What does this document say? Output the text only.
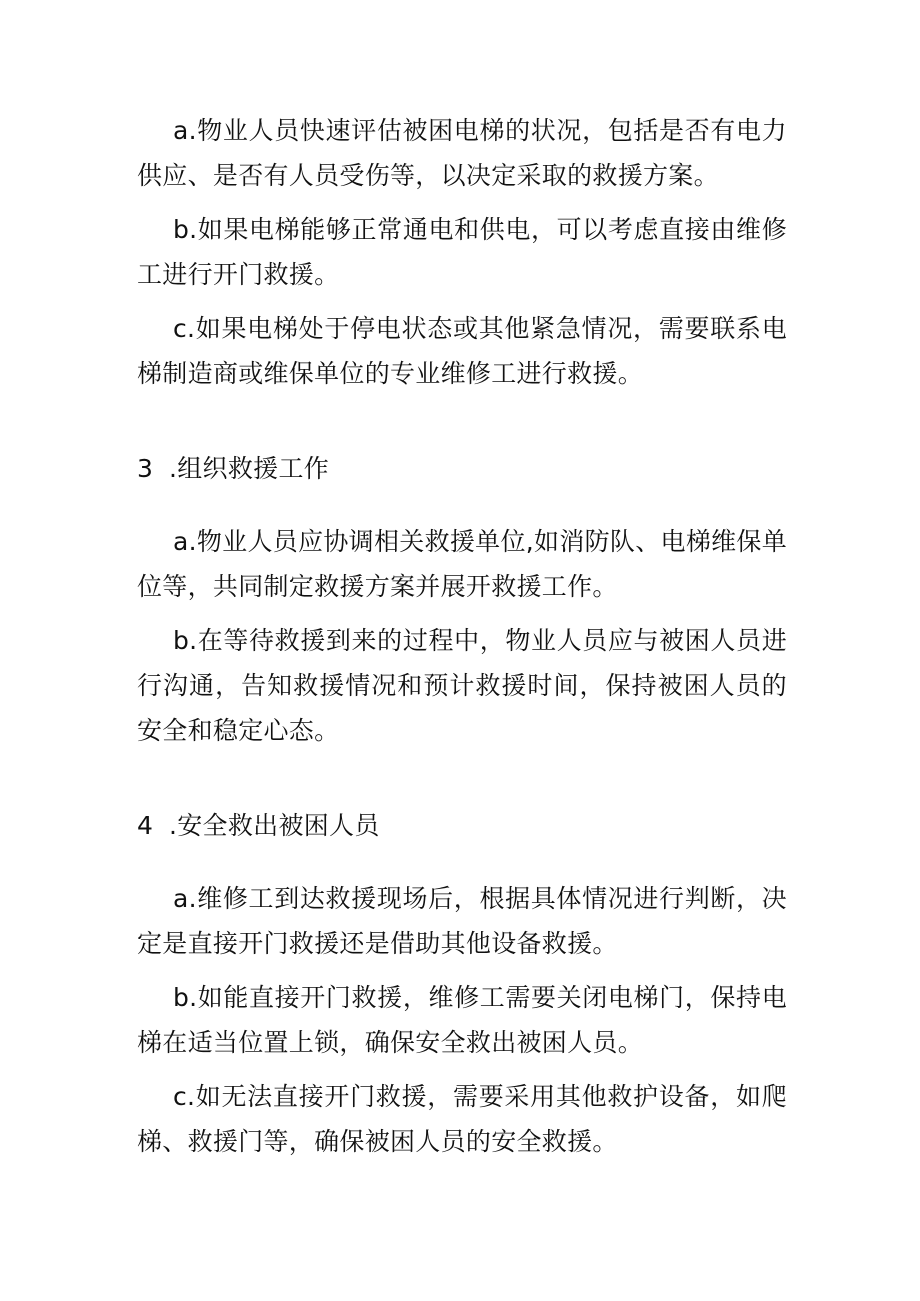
a.物业人员快速评估被困电梯的状况，包括是否有电力供应、是否有人员受伤等，以决定采取的救援方案。

b.如果电梯能够正常通电和供电，可以考虑直接由维修工进行开门救援。

c.如果电梯处于停电状态或其他紧急情况，需要联系电梯制造商或维保单位的专业维修工进行救援。

3 .组织救援工作

a.物业人员应协调相关救援单位,如消防队、电梯维保单位等，共同制定救援方案并展开救援工作。

b.在等待救援到来的过程中，物业人员应与被困人员进行沟通，告知救援情况和预计救援时间，保持被困人员的安全和稳定心态。

4 .安全救出被困人员

a.维修工到达救援现场后，根据具体情况进行判断，决定是直接开门救援还是借助其他设备救援。

b.如能直接开门救援，维修工需要关闭电梯门，保持电梯在适当位置上锁，确保安全救出被困人员。

c.如无法直接开门救援，需要采用其他救护设备，如爬梯、救援门等，确保被困人员的安全救援。
